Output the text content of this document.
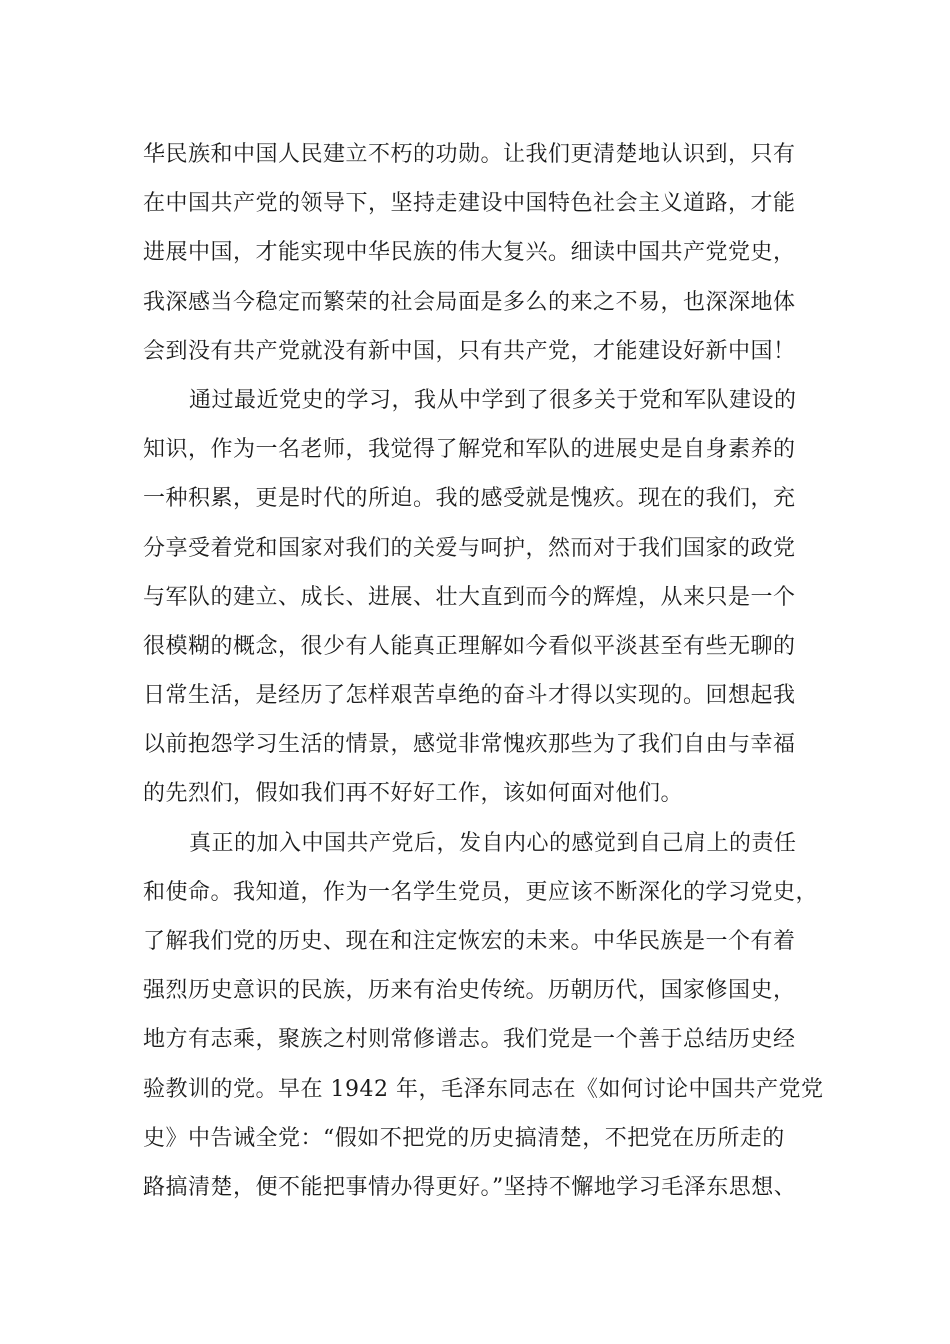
华民族和中国人民建立不朽的功勋。让我们更清楚地认识到，只有
在中国共产党的领导下，坚持走建设中国特色社会主义道路，才能
进展中国，才能实现中华民族的伟大复兴。细读中国共产党党史，
我深感当今稳定而繁荣的社会局面是多么的来之不易，也深深地体
会到没有共产党就没有新中国，只有共产党，才能建设好新中国！
通过最近党史的学习，我从中学到了很多关于党和军队建设的
知识，作为一名老师，我觉得了解党和军队的进展史是自身素养的
一种积累，更是时代的所迫。我的感受就是愧疚。现在的我们，充
分享受着党和国家对我们的关爱与呵护，然而对于我们国家的政党
与军队的建立、成长、进展、壮大直到而今的辉煌，从来只是一个
很模糊的概念，很少有人能真正理解如今看似平淡甚至有些无聊的
日常生活，是经历了怎样艰苦卓绝的奋斗才得以实现的。回想起我
以前抱怨学习生活的情景，感觉非常愧疚那些为了我们自由与幸福
的先烈们，假如我们再不好好工作，该如何面对他们。
真正的加入中国共产党后，发自内心的感觉到自己肩上的责任
和使命。我知道，作为一名学生党员，更应该不断深化的学习党史，
了解我们党的历史、现在和注定恢宏的未来。中华民族是一个有着
强烈历史意识的民族，历来有治史传统。历朝历代，国家修国史，
地方有志乘，聚族之村则常修谱志。我们党是一个善于总结历史经
验教训的党。早在 1942 年，毛泽东同志在《如何讨论中国共产党党
史》中告诫全党：“假如不把党的历史搞清楚，不把党在历所走的
路搞清楚，便不能把事情办得更好。”坚持不懈地学习毛泽东思想、
